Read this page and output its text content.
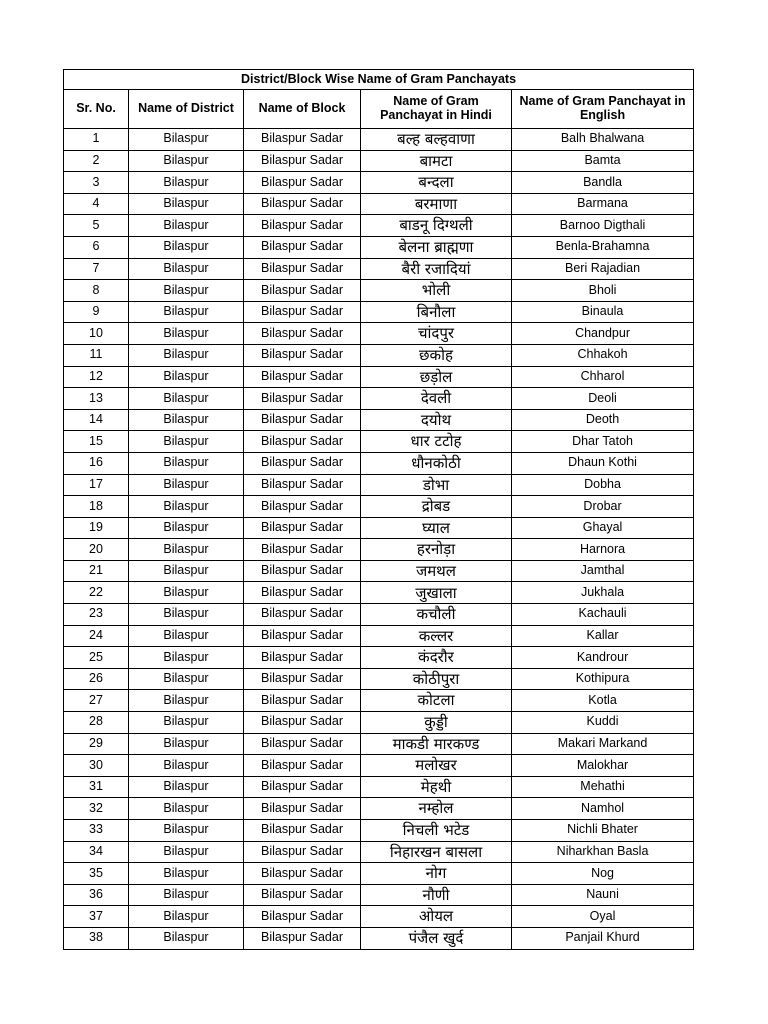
District/Block Wise Name of Gram Panchayats				
Sr. No.	Name of District	Name of Block	Name of Gram Panchayat in Hindi	Name of Gram Panchayat in English
1	Bilaspur	Bilaspur Sadar	बल्ह बल्हवाणा	Balh Bhalwana
2	Bilaspur	Bilaspur Sadar	बामटा	Bamta
3	Bilaspur	Bilaspur Sadar	बन्दला	Bandla
4	Bilaspur	Bilaspur Sadar	बरमाणा	Barmana
5	Bilaspur	Bilaspur Sadar	बाडनू दिग्थली	Barnoo Digthali
6	Bilaspur	Bilaspur Sadar	बेलना ब्राह्मणा	Benla-Brahamna
7	Bilaspur	Bilaspur Sadar	बैरी रजादियां	Beri Rajadian
8	Bilaspur	Bilaspur Sadar	भोली	Bholi
9	Bilaspur	Bilaspur Sadar	बिनौला	Binaula
10	Bilaspur	Bilaspur Sadar	चांदपुर	Chandpur
11	Bilaspur	Bilaspur Sadar	छकोह	Chhakoh
12	Bilaspur	Bilaspur Sadar	छड़ोल	Chharol
13	Bilaspur	Bilaspur Sadar	देवली	Deoli
14	Bilaspur	Bilaspur Sadar	दयोथ	Deoth
15	Bilaspur	Bilaspur Sadar	धार टटोह	Dhar Tatoh
16	Bilaspur	Bilaspur Sadar	धौनकोठी	Dhaun Kothi
17	Bilaspur	Bilaspur Sadar	डोभा	Dobha
18	Bilaspur	Bilaspur Sadar	द्रोबड	Drobar
19	Bilaspur	Bilaspur Sadar	घ्याल	Ghayal
20	Bilaspur	Bilaspur Sadar	हरनोड़ा	Harnora
21	Bilaspur	Bilaspur Sadar	जमथल	Jamthal
22	Bilaspur	Bilaspur Sadar	जुखाला	Jukhala
23	Bilaspur	Bilaspur Sadar	कचौली	Kachauli
24	Bilaspur	Bilaspur Sadar	कल्लर	Kallar
25	Bilaspur	Bilaspur Sadar	कंदरौर	Kandrour
26	Bilaspur	Bilaspur Sadar	कोठीपुरा	Kothipura
27	Bilaspur	Bilaspur Sadar	कोटला	Kotla
28	Bilaspur	Bilaspur Sadar	कुड्डी	Kuddi
29	Bilaspur	Bilaspur Sadar	माकडी मारकण्ड	Makari Markand
30	Bilaspur	Bilaspur Sadar	मलोखर	Malokhar
31	Bilaspur	Bilaspur Sadar	मेहथी	Mehathi
32	Bilaspur	Bilaspur Sadar	नम्होल	Namhol
33	Bilaspur	Bilaspur Sadar	निचली भटेड	Nichli Bhater
34	Bilaspur	Bilaspur Sadar	निहारखन बासला	Niharkhan Basla
35	Bilaspur	Bilaspur Sadar	नोग	Nog
36	Bilaspur	Bilaspur Sadar	नौणी	Nauni
37	Bilaspur	Bilaspur Sadar	ओयल	Oyal
38	Bilaspur	Bilaspur Sadar	पंजैल खुर्द	Panjail Khurd
